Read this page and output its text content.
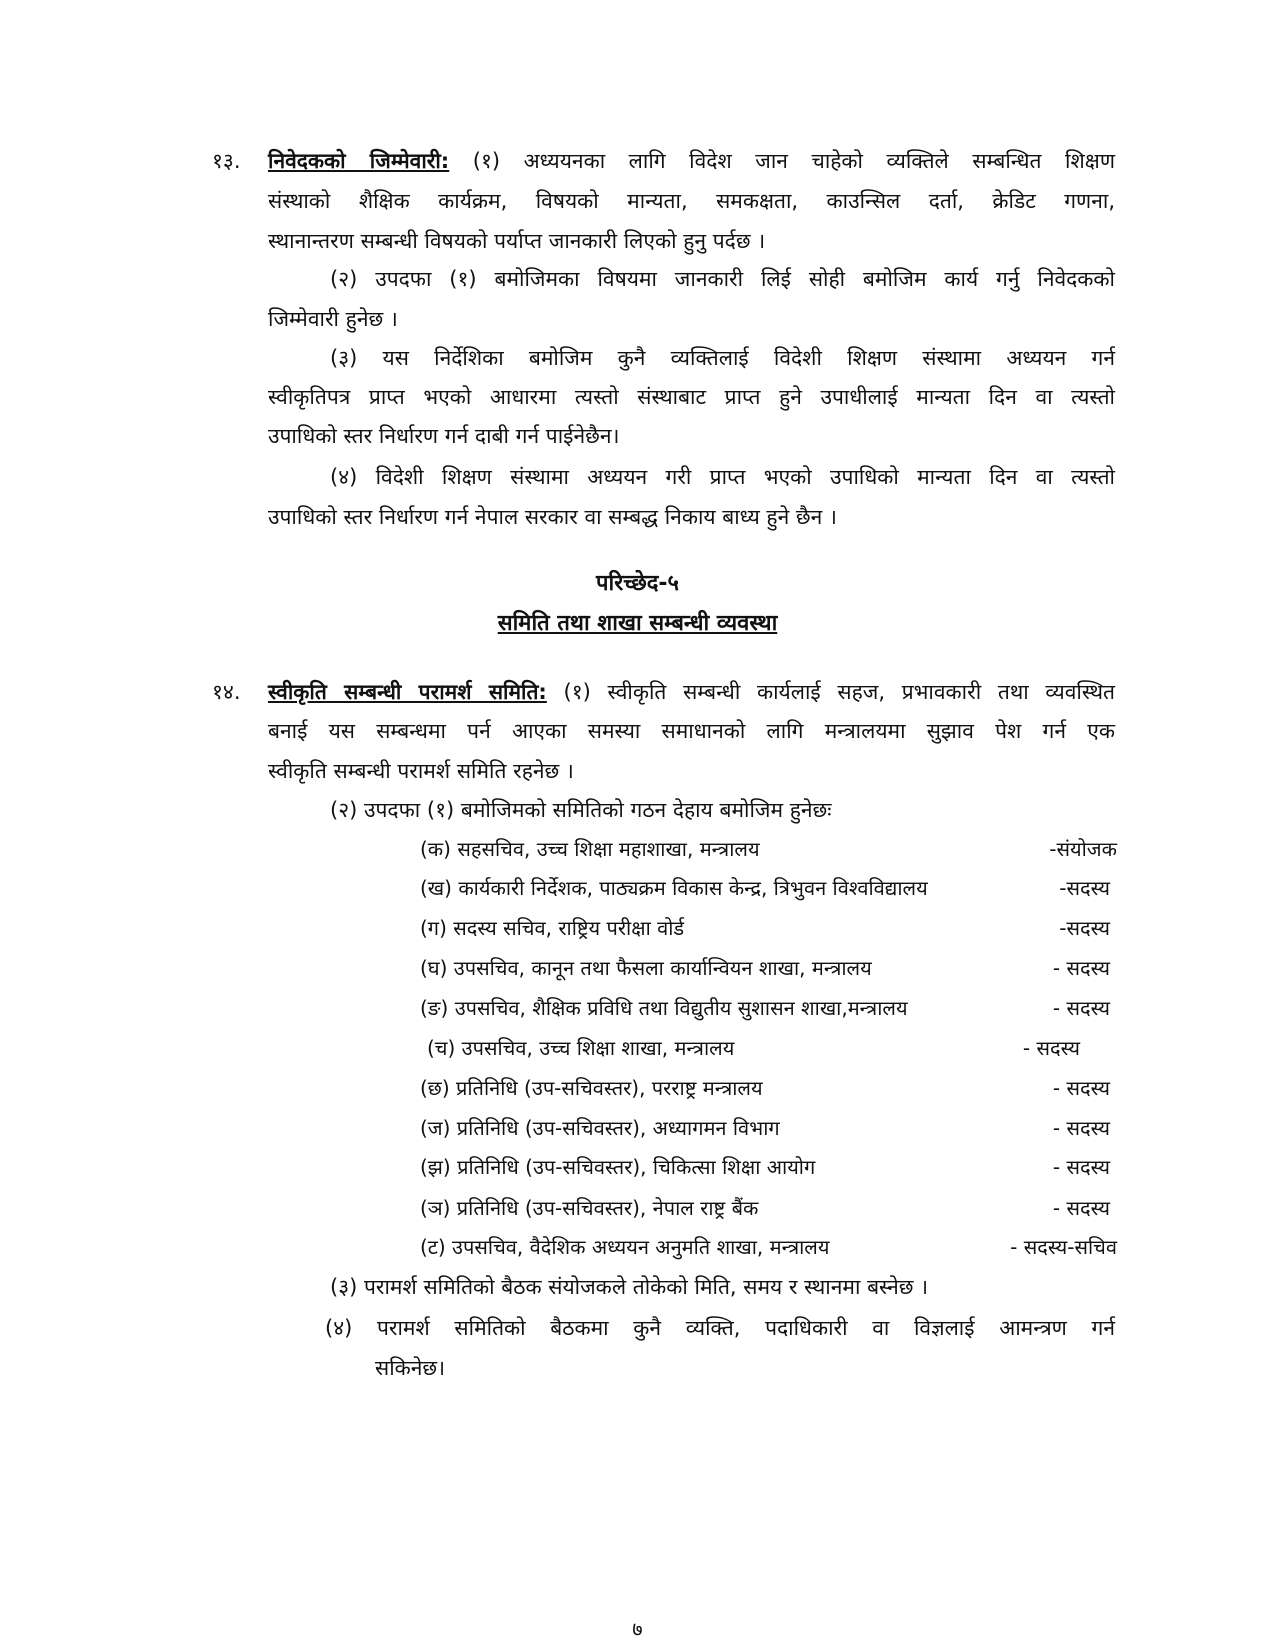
१३. निवेदकको जिम्मेवारी: (१) अध्ययनका लागि विदेश जान चाहेको व्यक्तिले सम्बन्धित शिक्षण
संस्थाको शैक्षिक कार्यक्रम, विषयको मान्यता, समकक्षता, काउन्सिल दर्ता, क्रेडिट गणना,
स्थानान्तरण सम्बन्धी विषयको पर्याप्त जानकारी लिएको हुनु पर्दछ ।
(२) उपदफा (१) बमोजिमका विषयमा जानकारी लिई सोही बमोजिम कार्य गर्नु निवेदकको
जिम्मेवारी हुनेछ ।
(३) यस निर्देशिका बमोजिम कुनै व्यक्तिलाई विदेशी शिक्षण संस्थामा अध्ययन गर्न
स्वीकृतिपत्र प्राप्त भएको आधारमा त्यस्तो संस्थाबाट प्राप्त हुने उपाधीलाई मान्यता दिन वा त्यस्तो
उपाधिको स्तर निर्धारण गर्न दाबी गर्न पाईनेछैन।
(४) विदेशी शिक्षण संस्थामा अध्ययन गरी प्राप्त भएको उपाधिको मान्यता दिन वा त्यस्तो
उपाधिको स्तर निर्धारण गर्न नेपाल सरकार वा सम्बद्ध निकाय बाध्य हुने छैन ।
परिच्छेद-५
समिति तथा शाखा सम्बन्धी व्यवस्था
१४. स्वीकृति सम्बन्धी परामर्श समिति: (१) स्वीकृति सम्बन्धी कार्यलाई सहज, प्रभावकारी तथा व्यवस्थित
बनाई यस सम्बन्धमा पर्न आएका समस्या समाधानको लागि मन्त्रालयमा सुझाव पेश गर्न एक
स्वीकृति सम्बन्धी परामर्श समिति रहनेछ ।
(२) उपदफा (१) बमोजिमको समितिको गठन देहाय बमोजिम हुनेछः
(क) सहसचिव, उच्च शिक्षा महाशाखा, मन्त्रालय	-संयोजक
(ख) कार्यकारी निर्देशक, पाठ्यक्रम विकास केन्द्र, त्रिभुवन विश्वविद्यालय	-सदस्य
(ग) सदस्य सचिव, राष्ट्रिय परीक्षा वोर्ड	-सदस्य
(घ) उपसचिव, कानून तथा फैसला कार्यान्वियन शाखा, मन्त्रालय	- सदस्य
(ङ) उपसचिव, शैक्षिक प्रविधि तथा विद्युतीय सुशासन शाखा,मन्त्रालय	- सदस्य
(च) उपसचिव, उच्च शिक्षा शाखा, मन्त्रालय	- सदस्य
(छ) प्रतिनिधि (उप-सचिवस्तर), परराष्ट्र मन्त्रालय	- सदस्य
(ज) प्रतिनिधि (उप-सचिवस्तर), अध्यागमन विभाग	- सदस्य
(झ) प्रतिनिधि (उप-सचिवस्तर), चिकित्सा शिक्षा आयोग	- सदस्य
(ञ) प्रतिनिधि (उप-सचिवस्तर), नेपाल राष्ट्र बैंक	- सदस्य
(ट) उपसचिव, वैदेशिक अध्ययन अनुमति शाखा, मन्त्रालय	- सदस्य-सचिव
(३) परामर्श समितिको बैठक संयोजकले तोकेको मिति, समय र स्थानमा बस्नेछ ।
(४) परामर्श समितिको बैठकमा कुनै व्यक्ति, पदाधिकारी वा विज्ञलाई आमन्त्रण गर्न
सकिनेछ।
७
